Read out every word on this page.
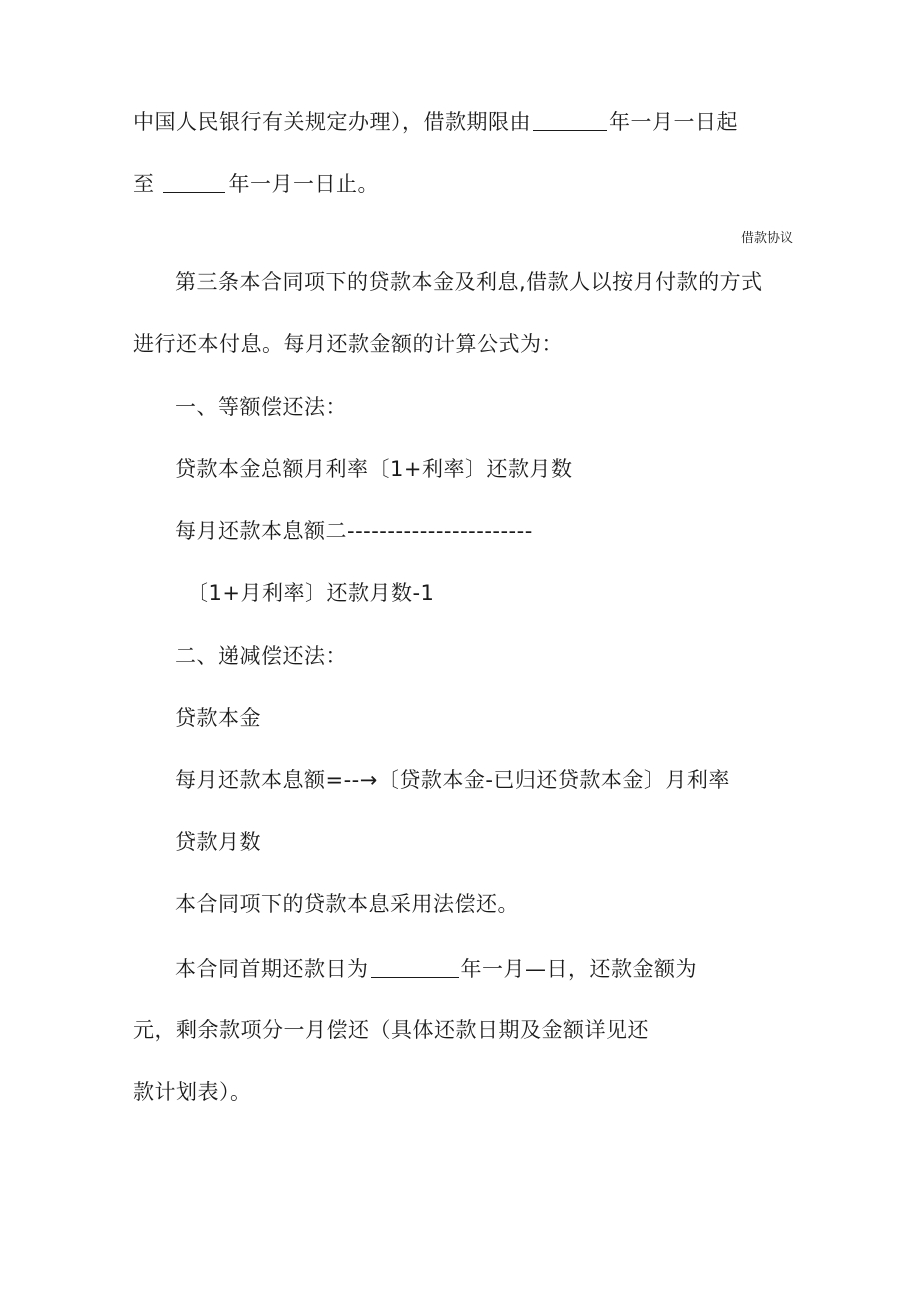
中国人民银行有关规定办理），借款期限由	年一月一日起
至	年一月一日止。
借款协议
第三条本合同项下的贷款本金及利息,借款人以按月付款的方式
进行还本付息。每月还款金额的计算公式为：
一、等额偿还法：
贷款本金总额月利率〔1+利率〕还款月数
每月还款本息额二-----------------------
〔1+月利率〕还款月数-1
二、递减偿还法：
贷款本金
每月还款本息额=--→〔贷款本金-已归还贷款本金〕月利率
贷款月数
本合同项下的贷款本息采用法偿还。
本合同首期还款日为	年一月—日，还款金额为
元，剩余款项分一月偿还（具体还款日期及金额详见还
款计划表）。
